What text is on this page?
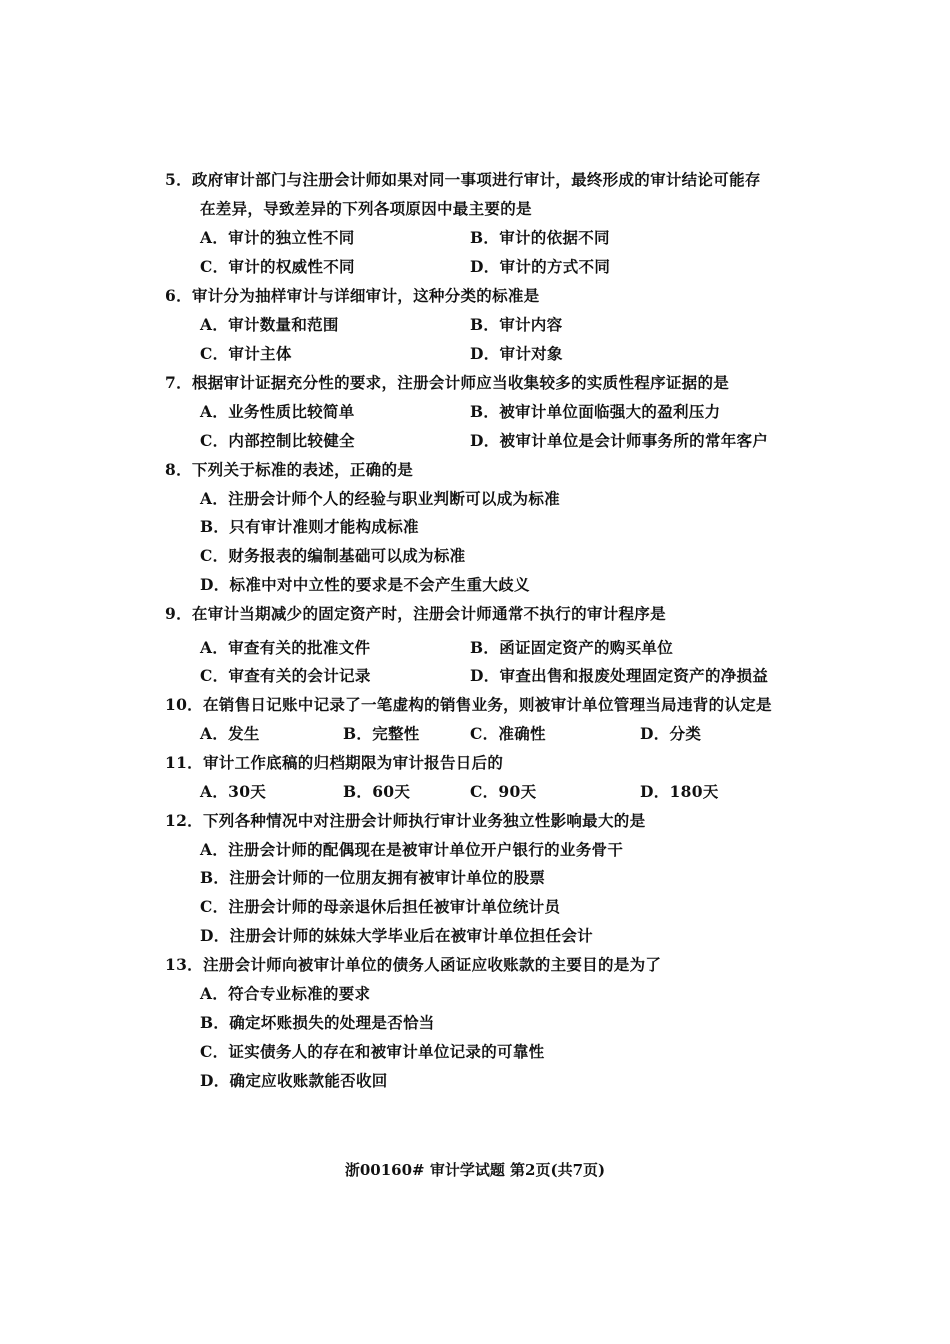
5．政府审计部门与注册会计师如果对同一事项进行审计，最终形成的审计结论可能存
在差异，导致差异的下列各项原因中最主要的是
A．审计的独立性不同	B．审计的依据不同
C．审计的权威性不同	D．审计的方式不同
6．审计分为抽样审计与详细审计，这种分类的标准是
A．审计数量和范围	B．审计内容
C．审计主体	D．审计对象
7．根据审计证据充分性的要求，注册会计师应当收集较多的实质性程序证据的是
A．业务性质比较简单	B．被审计单位面临强大的盈利压力
C．内部控制比较健全	D．被审计单位是会计师事务所的常年客户
8．下列关于标准的表述，正确的是
A．注册会计师个人的经验与职业判断可以成为标准
B．只有审计准则才能构成标准
C．财务报表的编制基础可以成为标准
D．标准中对中立性的要求是不会产生重大歧义
9．在审计当期减少的固定资产时，注册会计师通常不执行的审计程序是
A．审查有关的批准文件	B．函证固定资产的购买单位
C．审查有关的会计记录	D．审查出售和报废处理固定资产的净损益
10．在销售日记账中记录了一笔虚构的销售业务，则被审计单位管理当局违背的认定是
A．发生	B．完整性	C．准确性	D．分类
11．审计工作底稿的归档期限为审计报告日后的
A．30天	B．60天	C．90天	D．180天
12．下列各种情况中对注册会计师执行审计业务独立性影响最大的是
A．注册会计师的配偶现在是被审计单位开户银行的业务骨干
B．注册会计师的一位朋友拥有被审计单位的股票
C．注册会计师的母亲退休后担任被审计单位统计员
D．注册会计师的妹妹大学毕业后在被审计单位担任会计
13．注册会计师向被审计单位的债务人函证应收账款的主要目的是为了
A．符合专业标准的要求
B．确定坏账损失的处理是否恰当
C．证实债务人的存在和被审计单位记录的可靠性
D．确定应收账款能否收回
浙00160# 审计学试题 第2页(共7页)
